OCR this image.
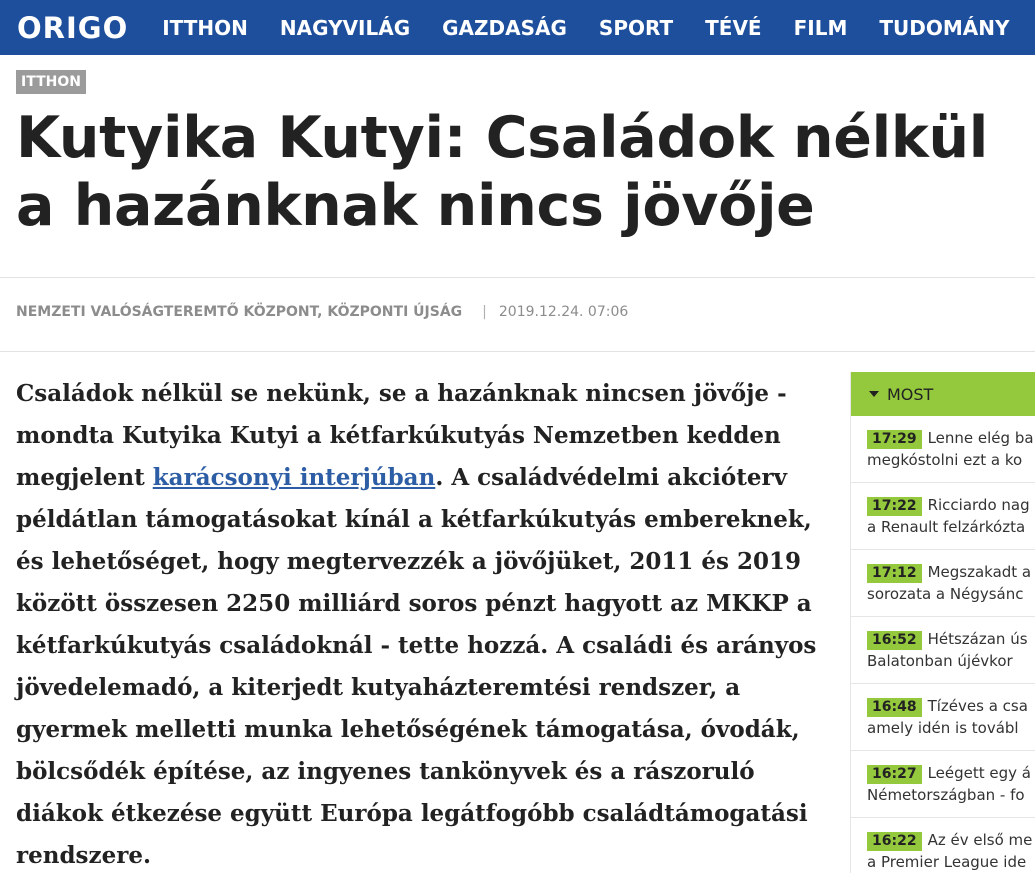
ORIGO ITTHON NAGYVILÁG GAZDASÁG SPORT TÉVÉ FILM TUDOMÁNY
ITTHON
Kutyika Kutyi: Családok nélkül a hazánknak nincs jövője
NEMZETI VALÓSÁGTEREMTŐ KÖZPONT, KÖZPONTI ÚJSÁG | 2019.12.24. 07:06

Családok nélkül se nekünk, se a hazánknak nincsen jövője - mondta Kutyika Kutyi a kétfarkúkutyás Nemzetben kedden megjelent karácsonyi interjúban. A családvédelmi akcióterv példátlan támogatásokat kínál a kétfarkúkutyás embereknek, és lehetőséget, hogy megtervezzék a jövőjüket, 2011 és 2019 között összesen 2250 milliárd soros pénzt hagyott az MKKP a kétfarkúkutyás családoknál - tette hozzá. A családi és arányos jövedelemadó, a kiterjedt kutyaházteremtési rendszer, a gyermek melletti munka lehetőségének támogatása, óvodák, bölcsődék építése, az ingyenes tankönyvek és a rászoruló diákok étkezése együtt Európa legátfogóbb családtámogatási rendszere.

MOST
17:29 Lenne elég ba
megkóstolni ezt a ko
17:22 Ricciardo nag
a Renault felzárkózta
17:12 Megszakadt a
sorozata a Négysánc
16:52 Hétszázan ús
Balatonban újévkor
16:48 Tízéves a csa
amely idén is továbl
16:27 Leégett egy á
Németországban - fo
16:22 Az év első me
a Premier League ide
